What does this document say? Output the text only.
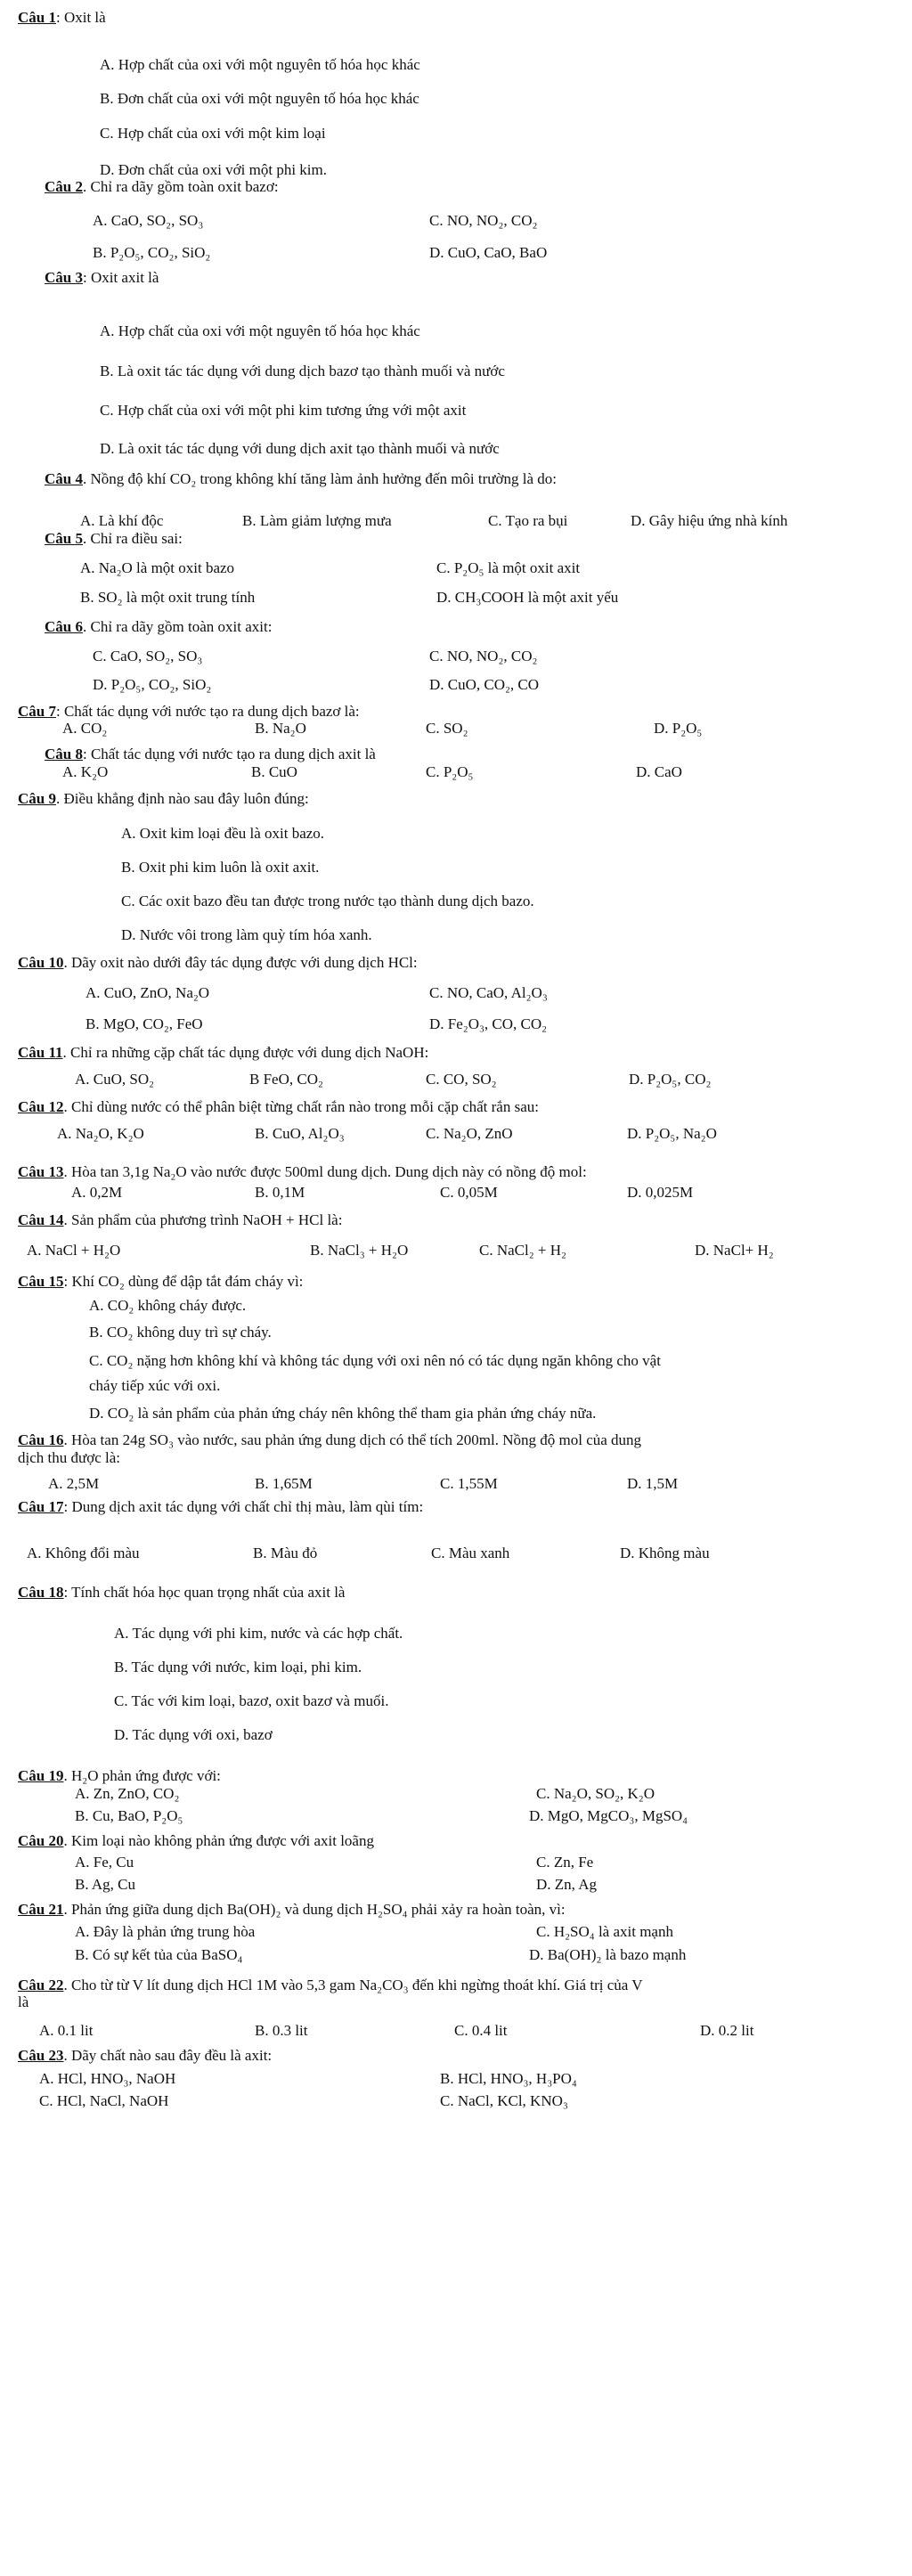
Câu 1: Oxit là
A. Hợp chất của oxi với một nguyên tố hóa học khác
B. Đơn chất của oxi với một nguyên tố hóa học khác
C. Hợp chất của oxi với một kim loại
D. Đơn chất của oxi với một phi kim.
Câu 2. Chỉ ra dãy gồm toàn oxit bazơ:
A. CaO, SO₂, SO₃	C. NO, NO₂, CO₂
B. P₂O₅, CO₂, SiO₂	D. CuO, CaO, BaO
Câu 3: Oxit axit là
A. Hợp chất của oxi với một nguyên tố hóa học khác
B. Là oxit tác tác dụng với dung dịch bazơ tạo thành muối và nước
C. Hợp chất của oxi với một phi kim tương ứng với một axit
D. Là oxit tác tác dụng với dung dịch axit tạo thành muối và nước
Câu 4. Nồng độ khí CO₂ trong không khí tăng làm ảnh hưởng đến môi trường là do:
A. Là khí độc	B. Làm giảm lượng mưa	C. Tạo ra bụi	D. Gây hiệu ứng nhà kính
Câu 5. Chỉ ra điều sai:
A. Na₂O là một oxit bazo	C. P₂O₅ là một oxit axit
B. SO₂ là một oxit trung tính	D. CH₃COOH là một axit yếu
Câu 6. Chỉ ra dãy gồm toàn oxit axit:
C. CaO, SO₂, SO₃	C. NO, NO₂, CO₂
D. P₂O₅, CO₂, SiO₂	D. CuO, CO₂, CO
Câu 7: Chất tác dụng với nước tạo ra dung dịch bazơ là:
A. CO₂	B. Na₂O	C. SO₂	D. P₂O₅
Câu 8: Chất tác dụng với nước tạo ra dung dịch axit là
A. K₂O	B. CuO	C. P₂O₅	D. CaO
Câu 9. Điều khẳng định nào sau đây luôn đúng:
A. Oxit kim loại đều là oxit bazo.
B. Oxit phi kim luôn là oxit axit.
C. Các oxit bazo đều tan được trong nước tạo thành dung dịch bazo.
D. Nước vôi trong làm quỳ tím hóa xanh.
Câu 10. Dãy oxit nào dưới đây tác dụng được với dung dịch HCl:
A. CuO, ZnO, Na₂O	C. NO, CaO, Al₂O₃
B. MgO, CO₂, FeO	D. Fe₂O₃, CO, CO₂
Câu 11. Chỉ ra những cặp chất tác dụng được với dung dịch NaOH:
A. CuO, SO₂	B FeO, CO₂	C. CO, SO₂	D. P₂O₅, CO₂
Câu 12. Chỉ dùng nước có thể phân biệt từng chất rắn nào trong mỗi cặp chất rắn sau:
A. Na₂O, K₂O	B. CuO, Al₂O₃	C. Na₂O, ZnO	D. P₂O₅, Na₂O
Câu 13. Hòa tan 3,1g Na₂O vào nước được 500ml dung dịch. Dung dịch này có nồng độ mol:
A. 0,2M	B. 0,1M	C. 0,05M	D. 0,025M
Câu 14. Sản phẩm của phương trình NaOH + HCl là:
A. NaCl + H₂O	B. NaCl₃ + H₂O	C. NaCl₂ + H₂	D. NaCl+ H₂
Câu 15: Khí CO₂ dùng để dập tắt đám cháy vì:
A. CO₂ không cháy được.
B. CO₂ không duy trì sự cháy.
C. CO₂ nặng hơn không khí và không tác dụng với oxi nên nó có tác dụng ngăn không cho vật
cháy tiếp xúc với oxi.
D. CO₂ là sản phẩm của phản ứng cháy nên không thể tham gia phản ứng cháy nữa.
Câu 16. Hòa tan 24g SO₃ vào nước, sau phản ứng dung dịch có thể tích 200ml. Nồng độ mol của dung
dịch thu được là:
A. 2,5M	B. 1,65M	C. 1,55M	D. 1,5M
Câu 17: Dung dịch axit tác dụng với chất chỉ thị màu, làm qùi tím:
A. Không đổi màu	B. Màu đỏ	C. Màu xanh	D. Không màu
Câu 18: Tính chất hóa học quan trọng nhất của axit là
A. Tác dụng với phi kim, nước và các hợp chất.
B. Tác dụng với nước, kim loại, phi kim.
C. Tác với kim loại, bazơ, oxit bazơ và muối.
D. Tác dụng với oxi, bazơ
Câu 19. H₂O phản ứng được với:
A. Zn, ZnO, CO₂	C. Na₂O, SO₂, K₂O
B. Cu, BaO, P₂O₅	D. MgO, MgCO₃, MgSO₄
Câu 20. Kim loại nào không phản ứng được với axit loãng
A. Fe, Cu	C. Zn, Fe
B. Ag, Cu	D. Zn, Ag
Câu 21. Phản ứng giữa dung dịch Ba(OH)₂ và dung dịch H₂SO₄ phải xảy ra hoàn toàn, vì:
A. Đây là phản ứng trung hòa	C. H₂SO₄ là axit mạnh
B. Có sự kết tủa của BaSO₄	D. Ba(OH)₂ là bazo mạnh
Câu 22. Cho từ từ V lít dung dịch HCl 1M vào 5,3 gam Na₂CO₃ đến khi ngừng thoát khí. Giá trị của V
là
A. 0.1 lit	B. 0.3 lit	C. 0.4 lit	D. 0.2 lit
Câu 23. Dãy chất nào sau đây đều là axit:
A. HCl, HNO₃, NaOH	B. HCl, HNO₃, H₃PO₄
C. HCl, NaCl, NaOH	C. NaCl, KCl, KNO₃
